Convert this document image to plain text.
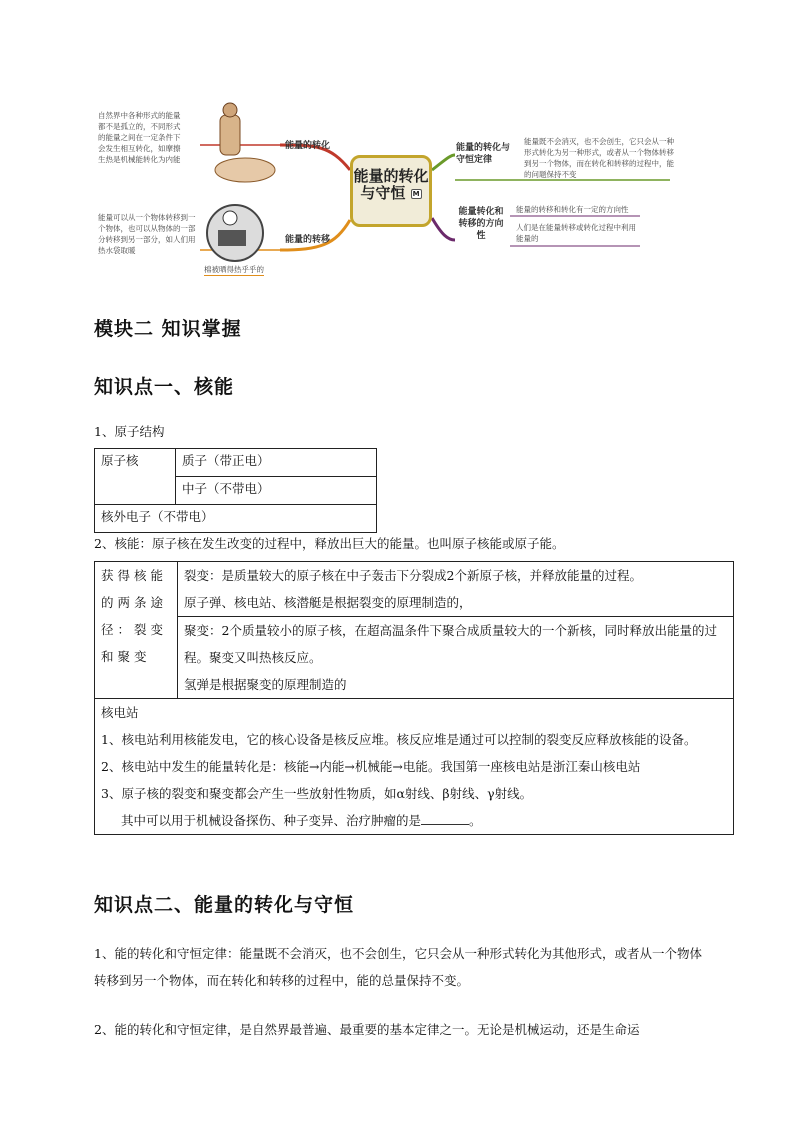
自然界中各种形式的能量都不是孤立的，不同形式的能量之间在一定条件下会发生相互转化，如摩擦生热是机械能转化为内能
能量的转化
能量可以从一个物体转移到一个物体，也可以从物体的一部分转移到另一部分，如人们用热水袋取暖
能量的转移
棉被晒得热乎乎的
能量的转化与守恒 M
能量的转化与守恒定律
能量既不会消灭，也不会创生，它只会从一种形式转化为另一种形式，或者从一个物体转移到另一个物体，而在转化和转移的过程中，能的问题保持不变
能量转化和转移的方向性
能量的转移和转化有一定的方向性
人们是在能量转移或转化过程中利用能量的
模块二 知识掌握
知识点一、核能
1、原子结构
原子核	质子（带正电）
中子（不带电）
核外电子（不带电）
2、核能：原子核在发生改变的过程中，释放出巨大的能量。也叫原子核能或原子能。
获得核能的两条途径：裂变和聚变	
裂变：是质量较大的原子核在中子轰击下分裂成2个新原子核，并释放能量的过程。
原子弹、核电站、核潜艇是根据裂变的原理制造的，

聚变：2个质量较小的原子核，在超高温条件下聚合成质量较大的一个新核，同时释放出能量的过程。聚变又叫热核反应。
氢弹是根据聚变的原理制造的

核电站
1、核电站利用核能发电，它的核心设备是核反应堆。核反应堆是通过可以控制的裂变反应释放核能的设备。
2、核电站中发生的能量转化是：核能→内能→机械能→电能。我国第一座核电站是浙江秦山核电站
3、原子核的裂变和聚变都会产生一些放射性物质，如α射线、β射线、γ射线。
其中可以用于机械设备探伤、种子变异、治疗肿瘤的是	。
知识点二、能量的转化与守恒
1、能的转化和守恒定律：能量既不会消灭，也不会创生，它只会从一种形式转化为其他形式，或者从一个物体转移到另一个物体，而在转化和转移的过程中，能的总量保持不变。
2、能的转化和守恒定律，是自然界最普遍、最重要的基本定律之一。无论是机械运动，还是生命运
